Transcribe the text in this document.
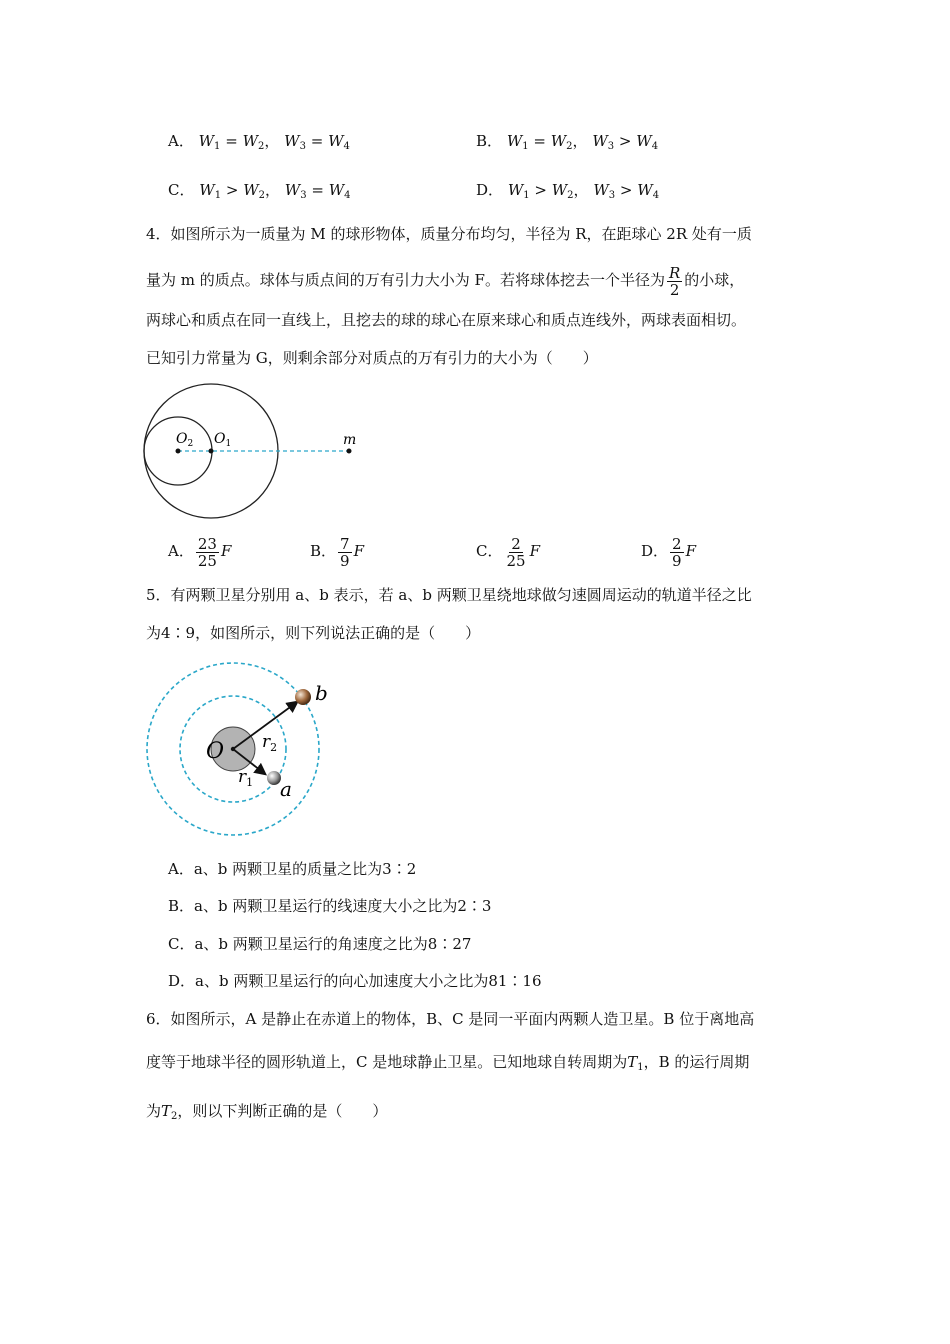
A． $W_1 = W_2$， $W_3 = W_4$	B． $W_1 = W_2$， $W_3 > W_4$
C． $W_1 > W_2$， $W_3 = W_4$	D． $W_1 > W_2$， $W_3 > W_4$
4．如图所示为一质量为 M 的球形物体，质量分布均匀，半径为 R，在距球心 2R 处有一质
量为 m 的质点。球体与质点间的万有引力大小为 F。若将球体挖去一个半径为 $\frac{R}{2}$ 的小球，
两球心和质点在同一直线上，且挖去的球的球心在原来球心和质点连线外，两球表面相切。
已知引力常量为 G，则剩余部分对质点的万有引力的大小为（　　）
$O_2$ $O_1$	m
A． $\frac{23}{25}$ F	B． $\frac{7}{9}$ F	C． $\frac{2}{25}$ F	D． $\frac{2}{9}$ F
5．有两颗卫星分别用 a、b 表示，若 a、b 两颗卫星绕地球做匀速圆周运动的轨道半径之比
为4∶9，如图所示，则下列说法正确的是（　　）
O $r_2$
$r_1$
b
a
A．a、b 两颗卫星的质量之比为3∶2
B．a、b 两颗卫星运行的线速度大小之比为2∶3
C．a、b 两颗卫星运行的角速度之比为8∶27
D．a、b 两颗卫星运行的向心加速度大小之比为81∶16
6．如图所示，A 是静止在赤道上的物体，B、C 是同一平面内两颗人造卫星。B 位于离地高
度等于地球半径的圆形轨道上，C 是地球静止卫星。已知地球自转周期为$T_1$，B 的运行周期
为$T_2$，则以下判断正确的是（　　）
